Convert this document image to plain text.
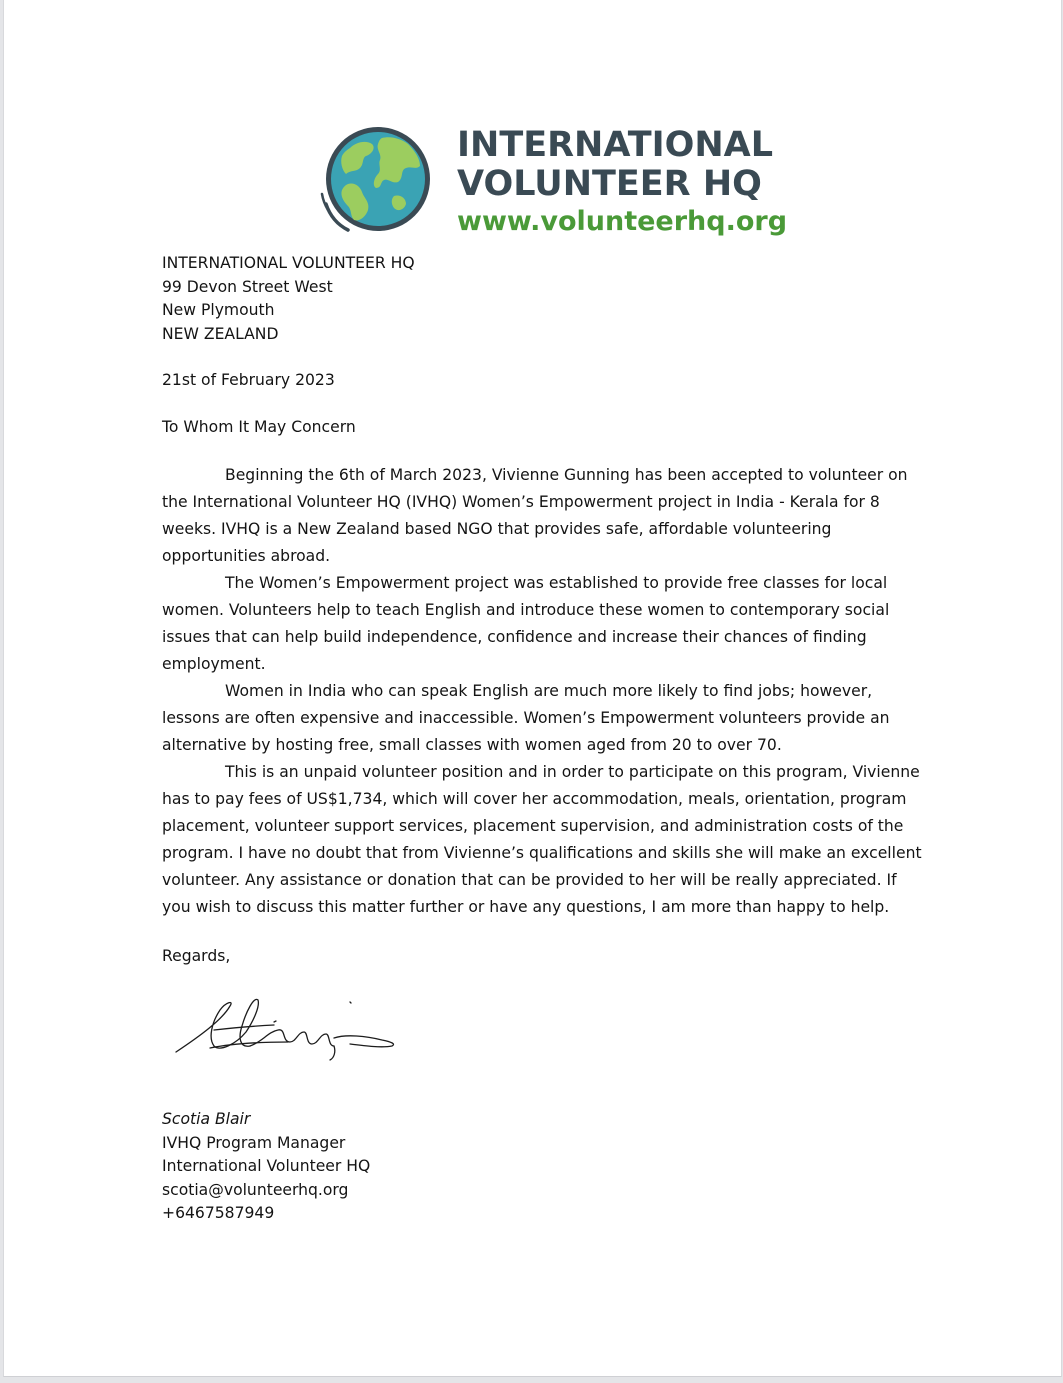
INTERNATIONAL
VOLUNTEER HQ
www.volunteerhq.org
INTERNATIONAL VOLUNTEER HQ
99 Devon Street West
New Plymouth
NEW ZEALAND
21st of February 2023
To Whom It May Concern

Beginning the 6th of March 2023, Vivienne Gunning has been accepted to volunteer on
the International Volunteer HQ (IVHQ) Women’s Empowerment project in India - Kerala for 8
weeks. IVHQ is a New Zealand based NGO that provides safe, affordable volunteering
opportunities abroad.

The Women’s Empowerment project was established to provide free classes for local
women. Volunteers help to teach English and introduce these women to contemporary social
issues that can help build independence, confidence and increase their chances of finding
employment.

Women in India who can speak English are much more likely to find jobs; however,
lessons are often expensive and inaccessible. Women’s Empowerment volunteers provide an
alternative by hosting free, small classes with women aged from 20 to over 70.

This is an unpaid volunteer position and in order to participate on this program, Vivienne
has to pay fees of US$1,734, which will cover her accommodation, meals, orientation, program
placement, volunteer support services, placement supervision, and administration costs of the
program. I have no doubt that from Vivienne’s qualifications and skills she will make an excellent
volunteer. Any assistance or donation that can be provided to her will be really appreciated. If
you wish to discuss this matter further or have any questions, I am more than happy to help.

Regards,
Scotia Blair
IVHQ Program Manager
International Volunteer HQ
scotia@volunteerhq.org
+6467587949
